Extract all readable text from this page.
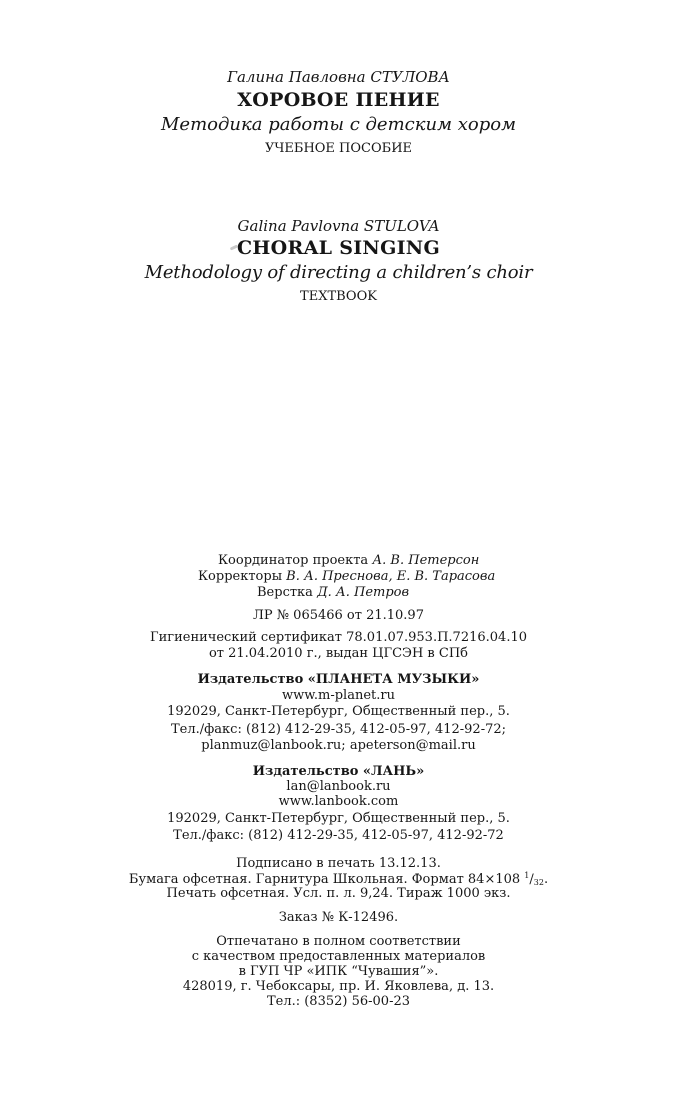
Галина Павловна СТУЛОВА
ХОРОВОЕ ПЕНИЕ
Методика работы с детским хором
УЧЕБНОЕ ПОСОБИЕ
Galina Pavlovna STULOVA
CHORAL SINGING
Methodology of directing a children’s choir
TEXTBOOK
Координатор проекта А. В. Петерсон
Корректоры В. А. Преснова, Е. В. Тарасова
Верстка Д. А. Петров
ЛР № 065466 от 21.10.97
Гигиенический сертификат 78.01.07.953.П.7216.04.10
от 21.04.2010 г., выдан ЦГСЭН в СПб
Издательство «ПЛАНЕТА МУЗЫКИ»
www.m-planet.ru
192029, Санкт-Петербург, Общественный пер., 5.
Тел./факс: (812) 412-29-35, 412-05-97, 412-92-72;
planmuz@lanbook.ru; apeterson@mail.ru
Издательство «ЛАНЬ»
lan@lanbook.ru
www.lanbook.com
192029, Санкт-Петербург, Общественный пер., 5.
Тел./факс: (812) 412-29-35, 412-05-97, 412-92-72
Подписано в печать 13.12.13.
Бумага офсетная. Гарнитура Школьная. Формат 84×108 $^1$/32.
Печать офсетная. Усл. п. л. 9,24. Тираж 1000 экз.
Заказ № К-12496.
Отпечатано в полном соответствии
с качеством предоставленных материалов
в ГУП ЧР «ИПК “Чувашия”».
428019, г. Чебоксары, пр. И. Яковлева, д. 13.
Тел.: (8352) 56-00-23
